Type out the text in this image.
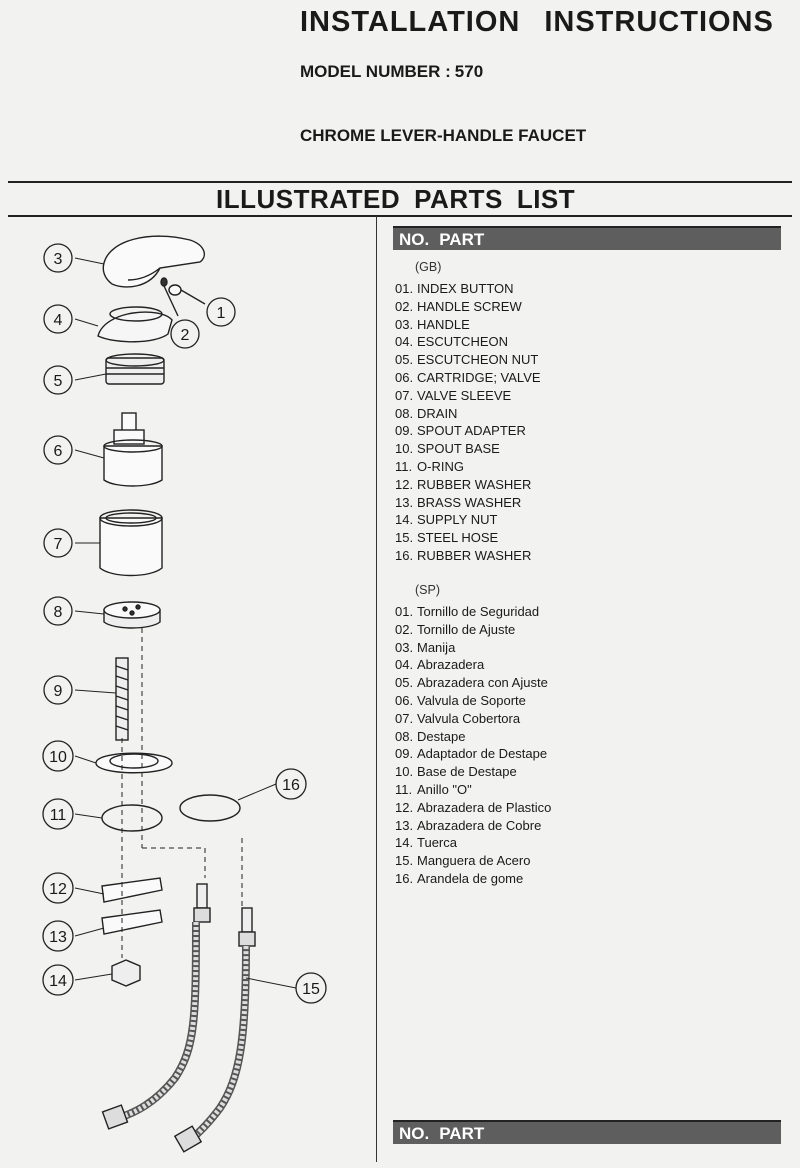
INSTALLATION INSTRUCTIONS
MODEL NUMBER : 570
CHROME LEVER-HANDLE FAUCET
ILLUSTRATED PARTS LIST
NO. PART
NO. PART
(GB)
01. INDEX BUTTON
02. HANDLE SCREW
03. HANDLE
04. ESCUTCHEON
05. ESCUTCHEON NUT
06. CARTRIDGE; VALVE
07. VALVE SLEEVE
08. DRAIN
09. SPOUT ADAPTER
10. SPOUT BASE
11. O-RING
12. RUBBER WASHER
13. BRASS WASHER
14. SUPPLY NUT
15. STEEL HOSE
16. RUBBER WASHER
(SP)
01. Tornillo de Seguridad
02. Tornillo de Ajuste
03. Manija
04. Abrazadera
05. Abrazadera con Ajuste
06. Valvula de Soporte
07. Valvula Cobertora
08. Destape
09. Adaptador de Destape
10. Base de Destape
11. Anillo "O"
12. Abrazadera de Plastico
13. Abrazadera de Cobre
14. Tuerca
15. Manguera de Acero
16. Arandela de gome
1
2
3
4
5
6
7
8
9
10
11
12
13
14	15
16
